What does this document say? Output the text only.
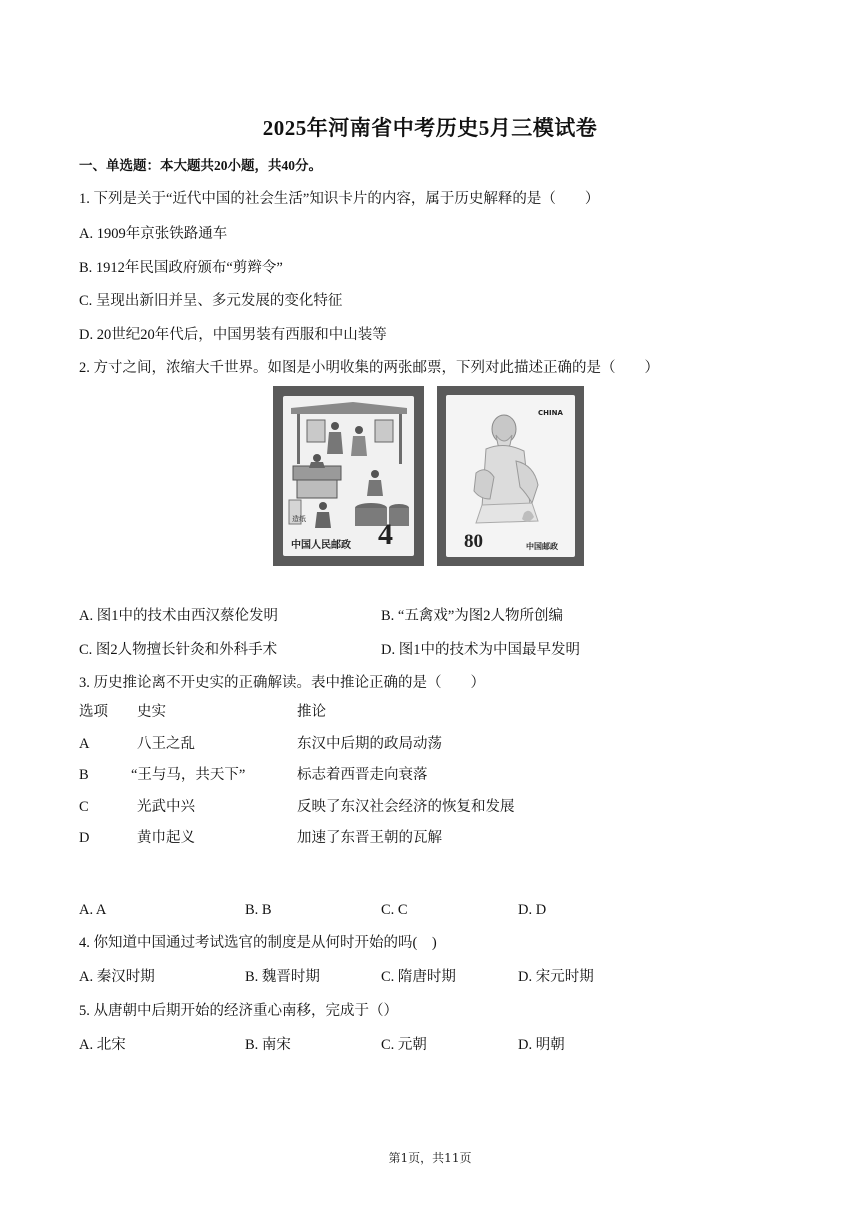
2025年河南省中考历史5月三模试卷
一、单选题：本大题共20小题，共40分。
1. 下列是关于“近代中国的社会生活”知识卡片的内容，属于历史解释的是（　　）
A. 1909年京张铁路通车
B. 1912年民国政府颁布“剪辫令”
C. 呈现出新旧并呈、多元发展的变化特征
D. 20世纪20年代后，中国男装有西服和中山装等
2. 方寸之间，浓缩大千世界。如图是小明收集的两张邮票，下列对此描述正确的是（　　）
造纸
中国人民邮政 4
CHINA
80	中国邮政
A. 图1中的技术由西汉蔡伦发明	B. “五禽戏”为图2人物所创编
C. 图2人物擅长针灸和外科手术	D. 图1中的技术为中国最早发明
3. 历史推论离不开史实的正确解读。表中推论正确的是（　　）
选项 史实	推论
A	八王之乱	东汉中后期的政局动荡
B	“王与马，共天下”	标志着西晋走向衰落
C	光武中兴	反映了东汉社会经济的恢复和发展
D	黄巾起义	加速了东晋王朝的瓦解
A. A	B. B	C. C	D. D
4. 你知道中国通过考试选官的制度是从何时开始的吗(　)
A. 秦汉时期	B. 魏晋时期	C. 隋唐时期	D. 宋元时期
5. 从唐朝中后期开始的经济重心南移，完成于（）
A. 北宋	B. 南宋	C. 元朝	D. 明朝
第1页，共11页
